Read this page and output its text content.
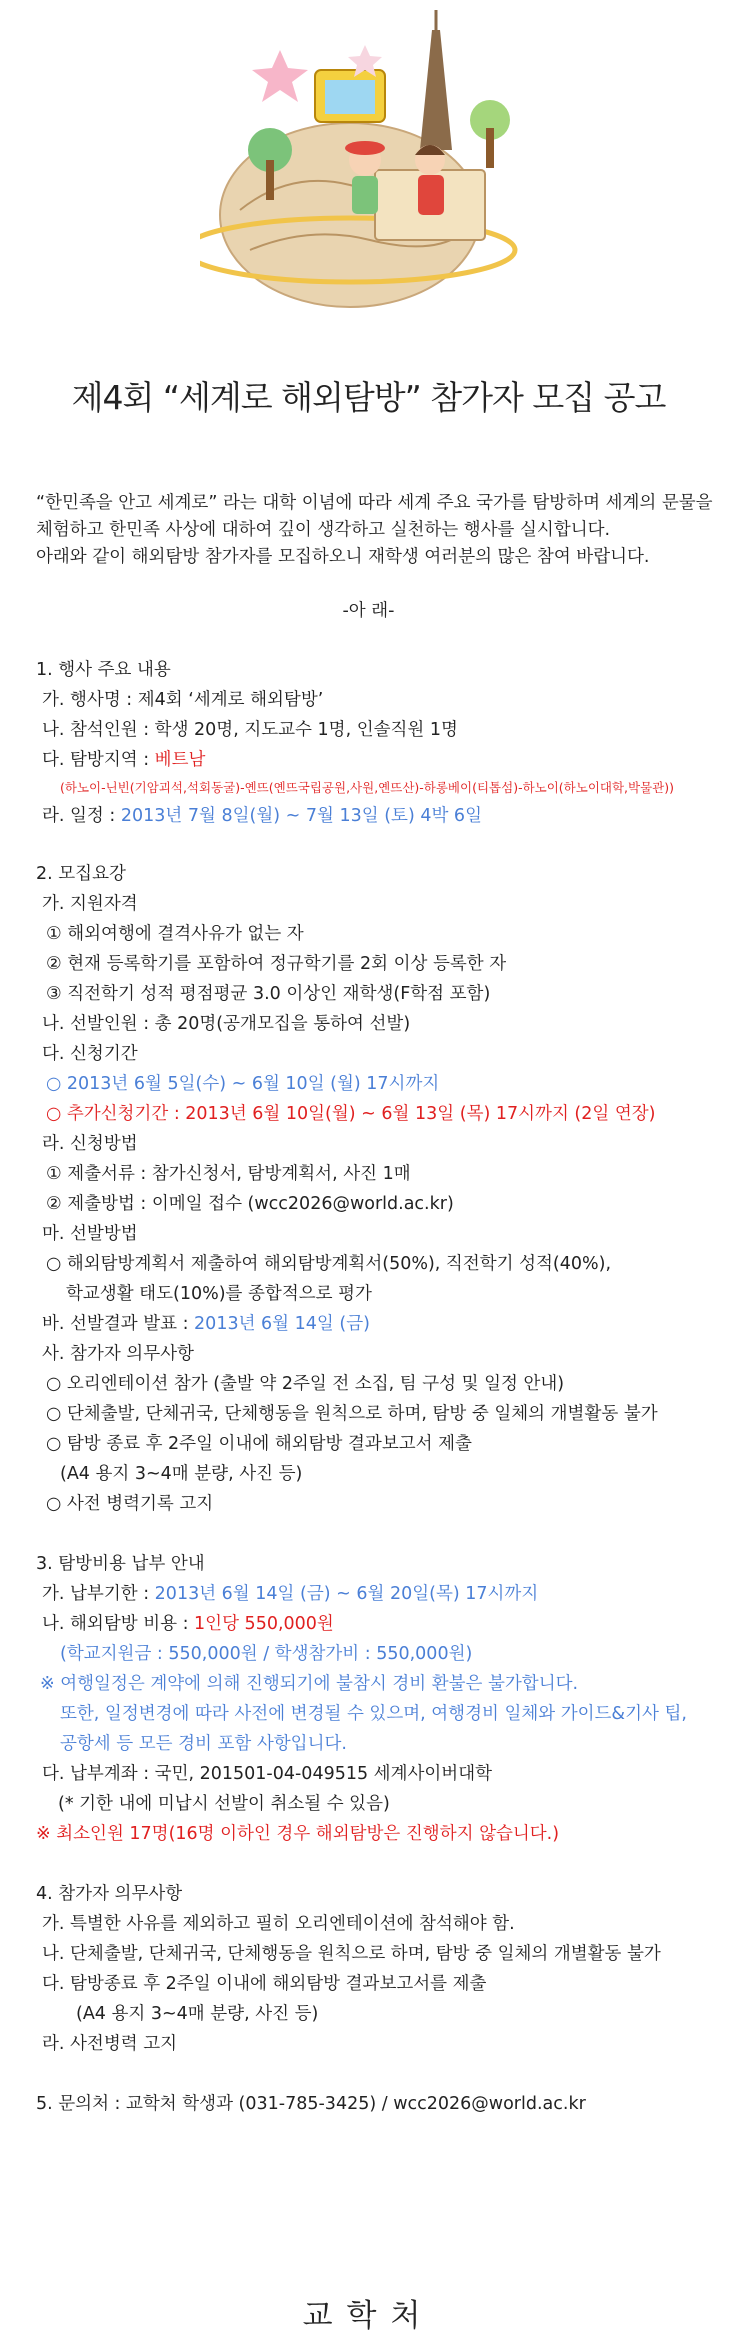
제4회 “세계로 해외탐방” 참가자 모집 공고
“한민족을 안고 세계로” 라는 대학 이념에 따라 세계 주요 국가를 탐방하며 세계의 문물을
체험하고 한민족 사상에 대하여 깊이 생각하고 실천하는 행사를 실시합니다.
아래와 같이 해외탐방 참가자를 모집하오니 재학생 여러분의 많은 참여 바랍니다.
-아 래-
1. 행사 주요 내용
가. 행사명 : 제4회 ‘세계로 해외탐방’
나. 참석인원 : 학생 20명, 지도교수 1명, 인솔직원 1명
다. 탐방지역 : 베트남
(하노이-닌빈(기암괴석,석회동굴)-옌뜨(옌뜨국립공원,사원,옌뜨산)-하롱베이(티톱섬)-하노이(하노이대학,박물관))
라. 일정 : 2013년 7월 8일(월) ~ 7월 13일 (토) 4박 6일
2. 모집요강
가. 지원자격
① 해외여행에 결격사유가 없는 자
② 현재 등록학기를 포함하여 정규학기를 2회 이상 등록한 자
③ 직전학기 성적 평점평균 3.0 이상인 재학생(F학점 포함)
나. 선발인원 : 총 20명(공개모집을 통하여 선발)
다. 신청기간
○ 2013년 6월 5일(수) ~ 6월 10일 (월) 17시까지
○ 추가신청기간 : 2013년 6월 10일(월) ~ 6월 13일 (목) 17시까지 (2일 연장)
라. 신청방법
① 제출서류 : 참가신청서, 탐방계획서, 사진 1매
② 제출방법 : 이메일 접수 (wcc2026@world.ac.kr)
마. 선발방법
○ 해외탐방계획서 제출하여 해외탐방계획서(50%), 직전학기 성적(40%),
학교생활 태도(10%)를 종합적으로 평가
바. 선발결과 발표 : 2013년 6월 14일 (금)
사. 참가자 의무사항
○ 오리엔테이션 참가 (출발 약 2주일 전 소집, 팀 구성 및 일정 안내)
○ 단체출발, 단체귀국, 단체행동을 원칙으로 하며, 탐방 중 일체의 개별활동 불가
○ 탐방 종료 후 2주일 이내에 해외탐방 결과보고서 제출
(A4 용지 3~4매 분량, 사진 등)
○ 사전 병력기록 고지
3. 탐방비용 납부 안내
가. 납부기한 : 2013년 6월 14일 (금) ~ 6월 20일(목) 17시까지
나. 해외탐방 비용 : 1인당 550,000원
(학교지원금 : 550,000원 / 학생참가비 : 550,000원)
※ 여행일정은 계약에 의해 진행되기에 불참시 경비 환불은 불가합니다.
또한, 일정변경에 따라 사전에 변경될 수 있으며, 여행경비 일체와 가이드&기사 팁,
공항세 등 모든 경비 포함 사항입니다.
다. 납부계좌 : 국민, 201501-04-049515 세계사이버대학
(* 기한 내에 미납시 선발이 취소될 수 있음)
※ 최소인원 17명(16명 이하인 경우 해외탐방은 진행하지 않습니다.)
4. 참가자 의무사항
가. 특별한 사유를 제외하고 필히 오리엔테이션에 참석해야 함.
나. 단체출발, 단체귀국, 단체행동을 원칙으로 하며, 탐방 중 일체의 개별활동 불가
다. 탐방종료 후 2주일 이내에 해외탐방 결과보고서를 제출
(A4 용지 3~4매 분량, 사진 등)
라. 사전병력 고지
5. 문의처 : 교학처 학생과 (031-785-3425) / wcc2026@world.ac.kr
교학처
